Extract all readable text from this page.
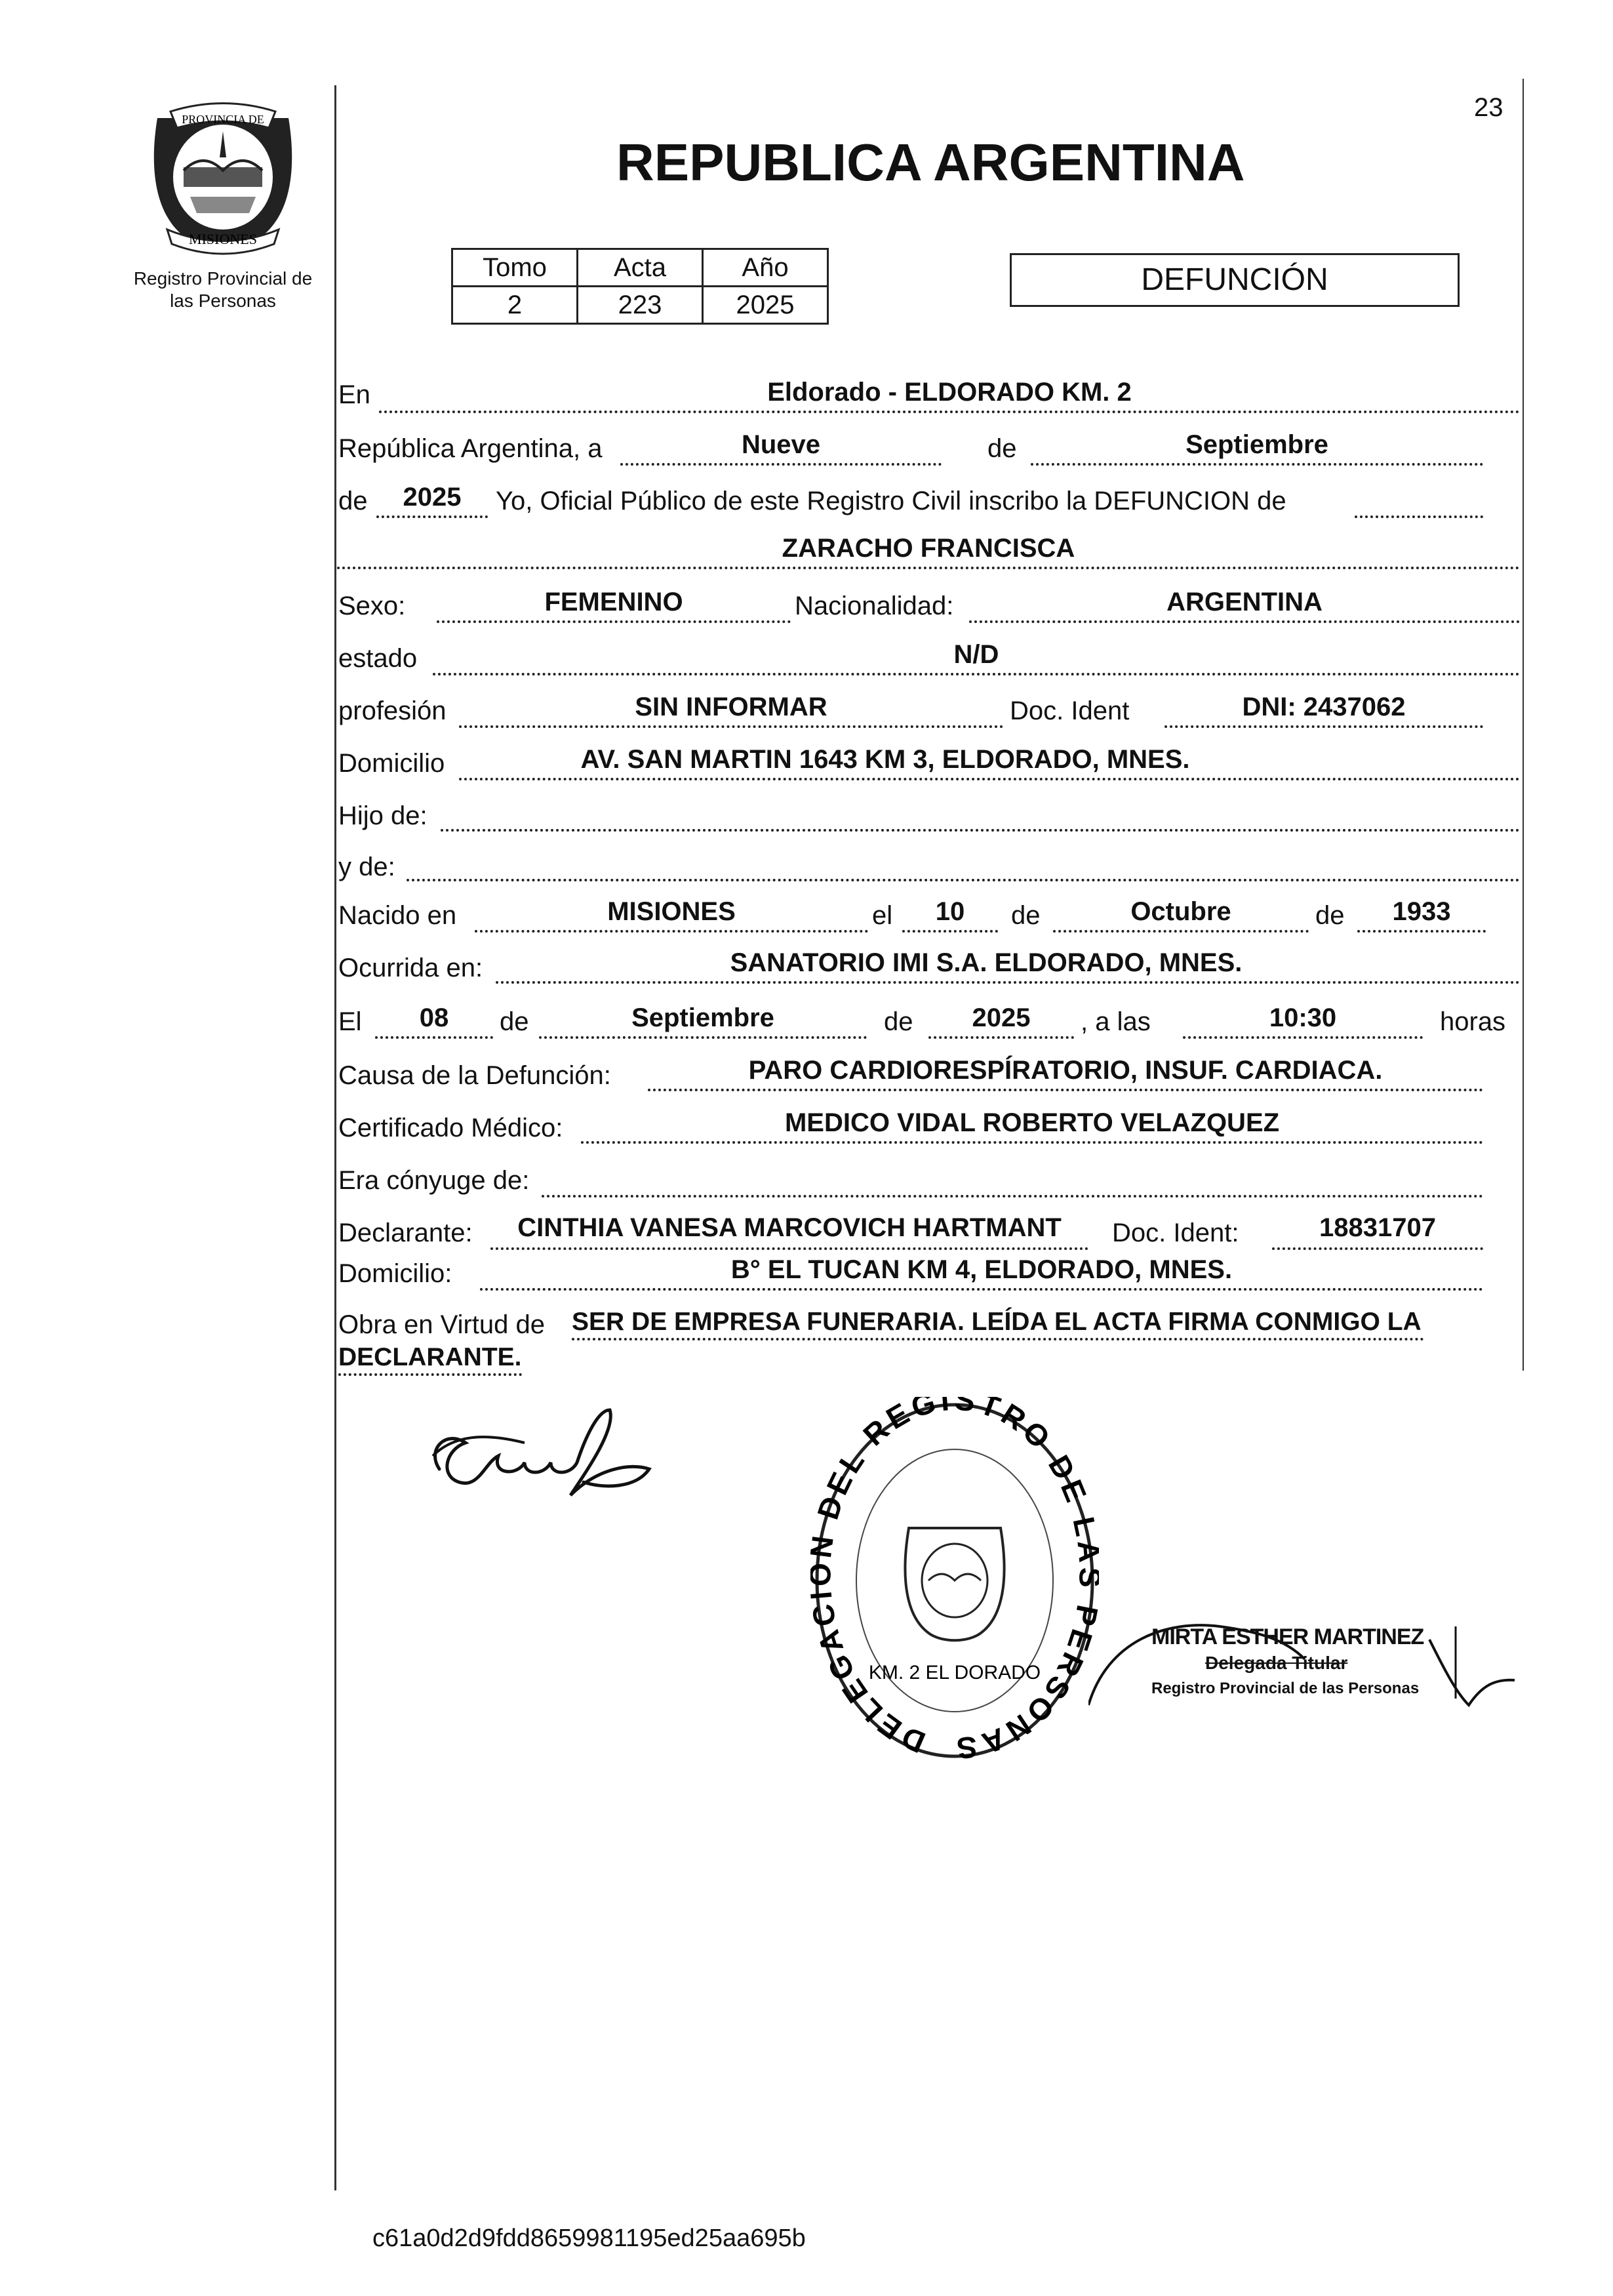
23
PROVINCIA DE
MISIONES
Registro Provincial de
las Personas
REPUBLICA ARGENTINA
Tomo	Acta	Año
2	223	2025
DEFUNCIÓN
En	Eldorado - ELDORADO KM. 2
República Argentina, a	Nueve	de	Septiembre
de	2025	Yo, Oficial Público de este Registro Civil inscribo la DEFUNCION de
ZARACHO FRANCISCA
Sexo:	FEMENINO	Nacionalidad:	ARGENTINA
estado	N/D
profesión	SIN INFORMAR	Doc. Ident	DNI: 2437062
Domicilio	AV. SAN MARTIN 1643 KM 3, ELDORADO, MNES.
Hijo de:
y de:
Nacido en	MISIONES	el	10	de	Octubre	de	1933
Ocurrida en:	SANATORIO IMI S.A. ELDORADO, MNES.
El	08	de	Septiembre	de	2025	, a las	10:30	horas
Causa de la Defunción:	PARO CARDIORESPÍRATORIO, INSUF. CARDIACA.
Certificado Médico:	MEDICO VIDAL ROBERTO VELAZQUEZ
Era cónyuge de:
Declarante:	CINTHIA VANESA MARCOVICH HARTMANT	Doc. Ident:	18831707
Domicilio:	B° EL TUCAN KM 4, ELDORADO, MNES.
Obra en Virtud de SER DE EMPRESA FUNERARIA. LEÍDA EL ACTA FIRMA CONMIGO LA
DECLARANTE.
DELEGA DEL REGISTRO DE ERSONAS
KM. 2 EL DORADO
MIRTA ESTHER MARTINEZ
Delegada Titular
Registro Provincial de las Personas
c61a0d2d9fdd8659981195ed25aa695b
